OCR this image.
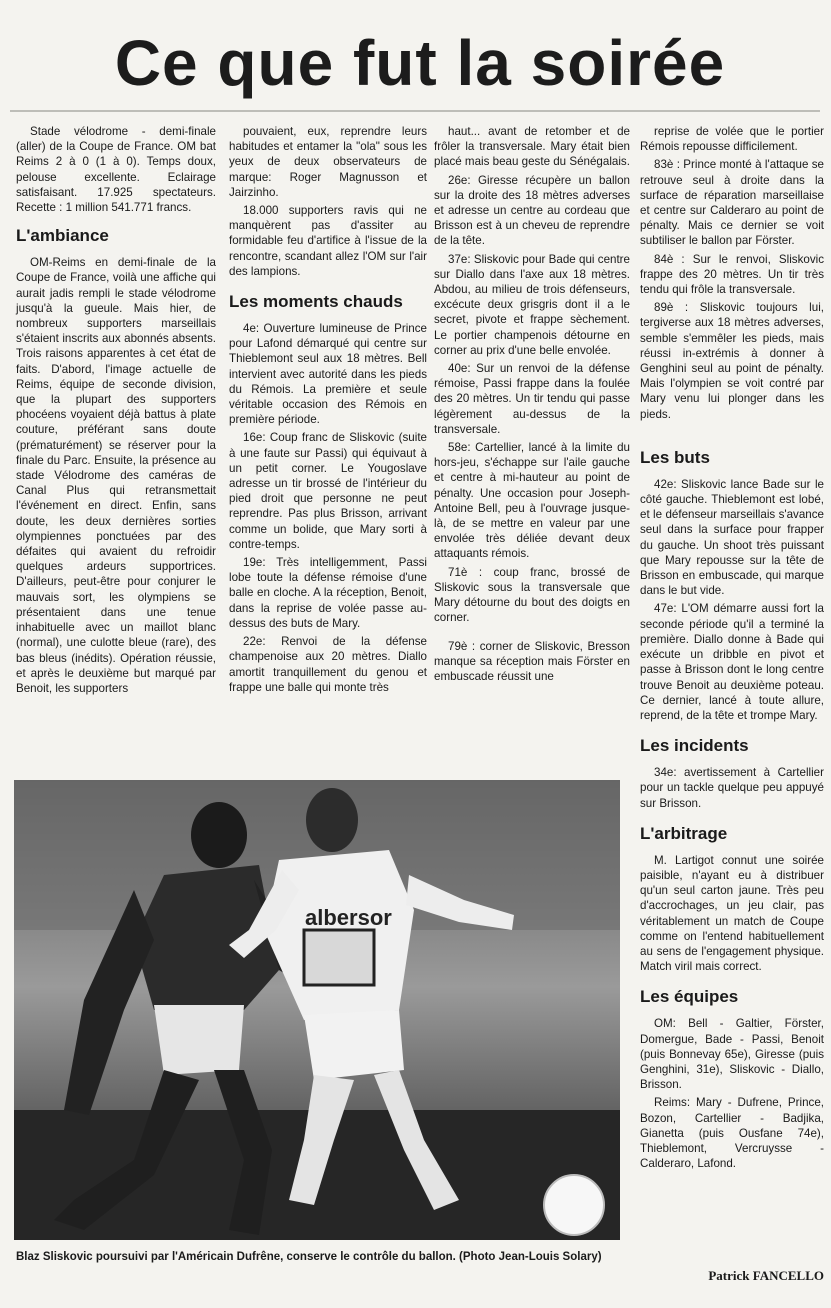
Ce que fut la soirée

Stade vélodrome - demi-finale (aller) de la Coupe de France. OM bat Reims 2 à 0 (1 à 0). Temps doux, pelouse excellente. Eclairage satisfaisant. 17.925 spectateurs. Recette : 1 million 541.771 francs.

L'ambiance

OM-Reims en demi-finale de la Coupe de France, voilà une affiche qui aurait jadis rempli le stade vélodrome jusqu'à la gueule. Mais hier, de nombreux supporters marseillais s'étaient inscrits aux abonnés absents. Trois raisons apparentes à cet état de faits. D'abord, l'image actuelle de Reims, équipe de seconde division, que la plupart des supporters phocéens voyaient déjà battus à plate couture, préférant sans doute (prématurément) se réserver pour la finale du Parc. Ensuite, la présence au stade Vélodrome des caméras de Canal Plus qui retransmettait l'événement en direct. Enfin, sans doute, les deux dernières sorties olympiennes ponctuées par des défaites qui avaient du refroidir quelques ardeurs supportrices. D'ailleurs, peut-être pour conjurer le mauvais sort, les olympiens se présentaient dans une tenue inhabituelle avec un maillot blanc (normal), une culotte bleue (rare), des bas bleus (inédits). Opération réussie, et après le deuxième but marqué par Benoit, les supporters

pouvaient, eux, reprendre leurs habitudes et entamer la "ola" sous les yeux de deux observateurs de marque: Roger Magnusson et Jairzinho.

18.000 supporters ravis qui ne manquèrent pas d'assiter au formidable feu d'artifice à l'issue de la rencontre, scandant allez l'OM sur l'air des lampions.

Les moments chauds

4e: Ouverture lumineuse de Prince pour Lafond démarqué qui centre sur Thieblemont seul aux 18 mètres. Bell intervient avec autorité dans les pieds du Rémois. La première et seule véritable occasion des Rémois en première période.

16e: Coup franc de Sliskovic (suite à une faute sur Passi) qui équivaut à un petit corner. Le Yougoslave adresse un tir brossé de l'intérieur du pied droit que personne ne peut reprendre. Pas plus Brisson, arrivant comme un bolide, que Mary sorti à contre-temps.

19e: Très intelligemment, Passi lobe toute la défense rémoise d'une balle en cloche. A la réception, Benoit, dans la reprise de volée passe au-dessus des buts de Mary.

22e: Renvoi de la défense champenoise aux 20 mètres. Diallo amortit tranquillement du genou et frappe une balle qui monte très

haut... avant de retomber et de frôler la transversale. Mary était bien placé mais beau geste du Sénégalais.

26e: Giresse récupère un ballon sur la droite des 18 mètres adverses et adresse un centre au cordeau que Brisson est à un cheveu de reprendre de la tête.

37e: Sliskovic pour Bade qui centre sur Diallo dans l'axe aux 18 mètres. Abdou, au milieu de trois défenseurs, excécute deux grisgris dont il a le secret, pivote et frappe sèchement. Le portier champenois détourne en corner au prix d'une belle envolée.

40e: Sur un renvoi de la défense rémoise, Passi frappe dans la foulée des 20 mètres. Un tir tendu qui passe légèrement au-dessus de la transversale.

58e: Cartellier, lancé à la limite du hors-jeu, s'échappe sur l'aile gauche et centre à mi-hauteur au point de pénalty. Une occasion pour Joseph-Antoine Bell, peu à l'ouvrage jusque-là, de se mettre en valeur par une envolée très déliée devant deux attaquants rémois.

71è : coup franc, brossé de Sliskovic sous la transversale que Mary détourne du bout des doigts en corner.

79è : corner de Sliskovic, Bresson manque sa réception mais Förster en embuscade réussit une

reprise de volée que le portier Rémois repousse difficilement.

83è : Prince monté à l'attaque se retrouve seul à droite dans la surface de réparation marseillaise et centre sur Calderaro au point de pénalty. Mais ce dernier se voit subtiliser le ballon par Förster.

84è : Sur le renvoi, Sliskovic frappe des 20 mètres. Un tir très tendu qui frôle la transversale.

89è : Sliskovic toujours lui, tergiverse aux 18 mètres adverses, semble s'emmêler les pieds, mais réussi in-extrémis à donner à Genghini seul au point de pénalty. Mais l'olympien se voit contré par Mary venu lui plonger dans les pieds.

Les buts

42e: Sliskovic lance Bade sur le côté gauche. Thieblemont est lobé, et le défenseur marseillais s'avance seul dans la surface pour frapper du gauche. Un shoot très puissant que Mary repousse sur la tête de Brisson en embuscade, qui marque dans le but vide.

47e: L'OM démarre aussi fort la seconde période qu'il a terminé la première. Diallo donne à Bade qui exécute un dribble en pivot et passe à Brisson dont le long centre trouve Benoit au deuxième poteau. Ce dernier, lancé à toute allure, reprend, de la tête et trompe Mary.

Les incidents

34e: avertissement à Cartellier pour un tackle quelque peu appuyé sur Brisson.

L'arbitrage

M. Lartigot connut une soirée paisible, n'ayant eu à distribuer qu'un seul carton jaune. Très peu d'accrochages, un jeu clair, pas véritablement un match de Coupe comme on l'entend habituellement au sens de l'engagement physique. Match viril mais correct.

Les équipes

OM: Bell - Galtier, Förster, Domergue, Bade - Passi, Benoit (puis Bonnevay 65e), Giresse (puis Genghini, 31e), Sliskovic - Diallo, Brisson.

Reims: Mary - Dufrene, Prince, Bozon, Cartellier - Badjika, Gianetta (puis Ousfane 74e), Thieblemont, Vercruysse - Calderaro, Lafond.

albersor
Blaz Sliskovic poursuivi par l'Américain Dufrêne, conserve le contrôle du ballon. (Photo Jean-Louis Solary)
Patrick FANCELLO
